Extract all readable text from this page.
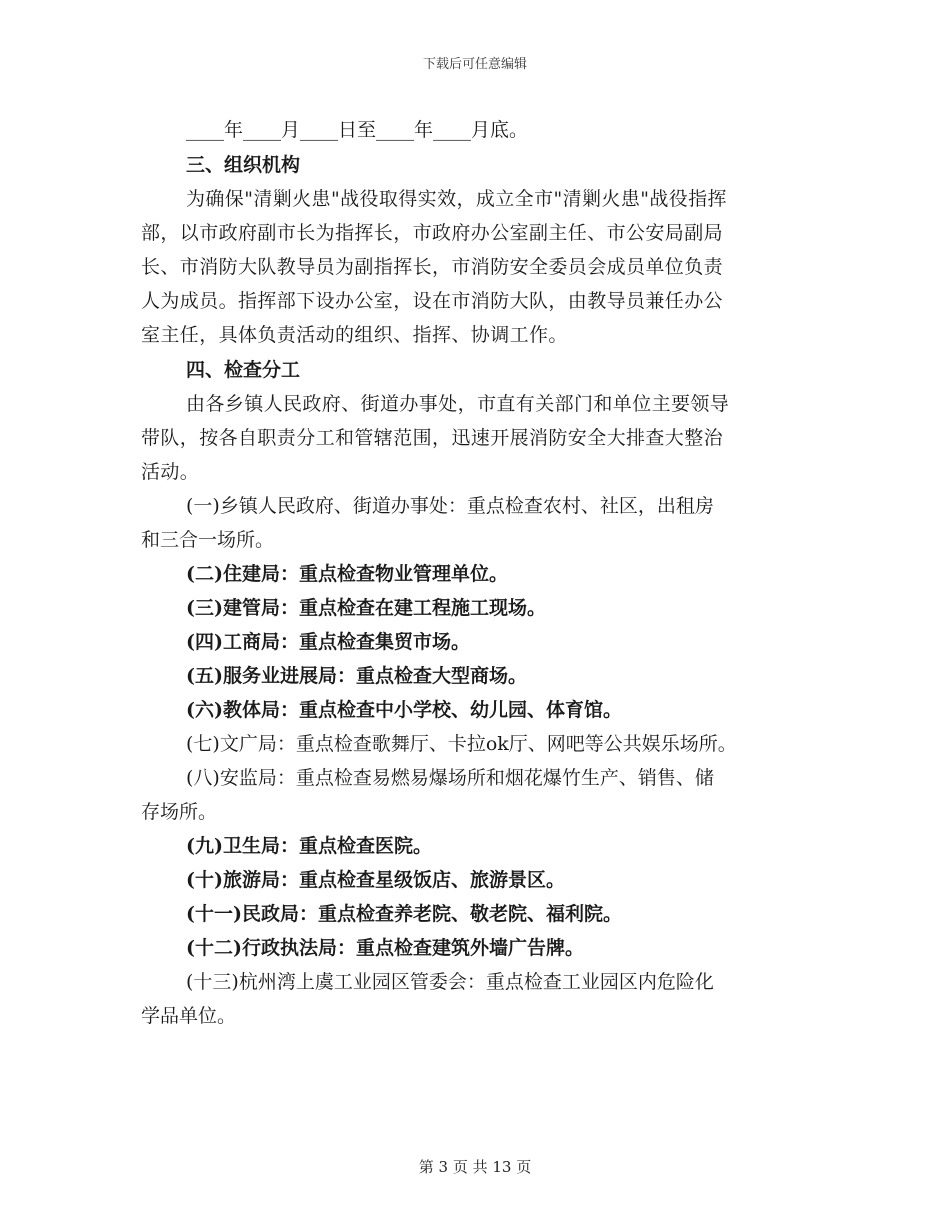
下载后可任意编辑
____年____月____日至____年____月底。
三、组织机构
为确保"清剿火患"战役取得实效，成立全市"清剿火患"战役指挥
部，以市政府副市长为指挥长，市政府办公室副主任、市公安局副局
长、市消防大队教导员为副指挥长，市消防安全委员会成员单位负责
人为成员。指挥部下设办公室，设在市消防大队，由教导员兼任办公
室主任，具体负责活动的组织、指挥、协调工作。
四、检查分工
由各乡镇人民政府、街道办事处，市直有关部门和单位主要领导
带队，按各自职责分工和管辖范围，迅速开展消防安全大排查大整治
活动。
(一)乡镇人民政府、街道办事处：重点检查农村、社区，出租房
和三合一场所。
(二)住建局：重点检查物业管理单位。
(三)建管局：重点检查在建工程施工现场。
(四)工商局：重点检查集贸市场。
(五)服务业进展局：重点检查大型商场。
(六)教体局：重点检查中小学校、幼儿园、体育馆。
(七)文广局：重点检查歌舞厅、卡拉ok厅、网吧等公共娱乐场所。
(八)安监局：重点检查易燃易爆场所和烟花爆竹生产、销售、储
存场所。
(九)卫生局：重点检查医院。
(十)旅游局：重点检查星级饭店、旅游景区。
(十一)民政局：重点检查养老院、敬老院、福利院。
(十二)行政执法局：重点检查建筑外墙广告牌。
(十三)杭州湾上虞工业园区管委会：重点检查工业园区内危险化
学品单位。
第 3 页 共 13 页
